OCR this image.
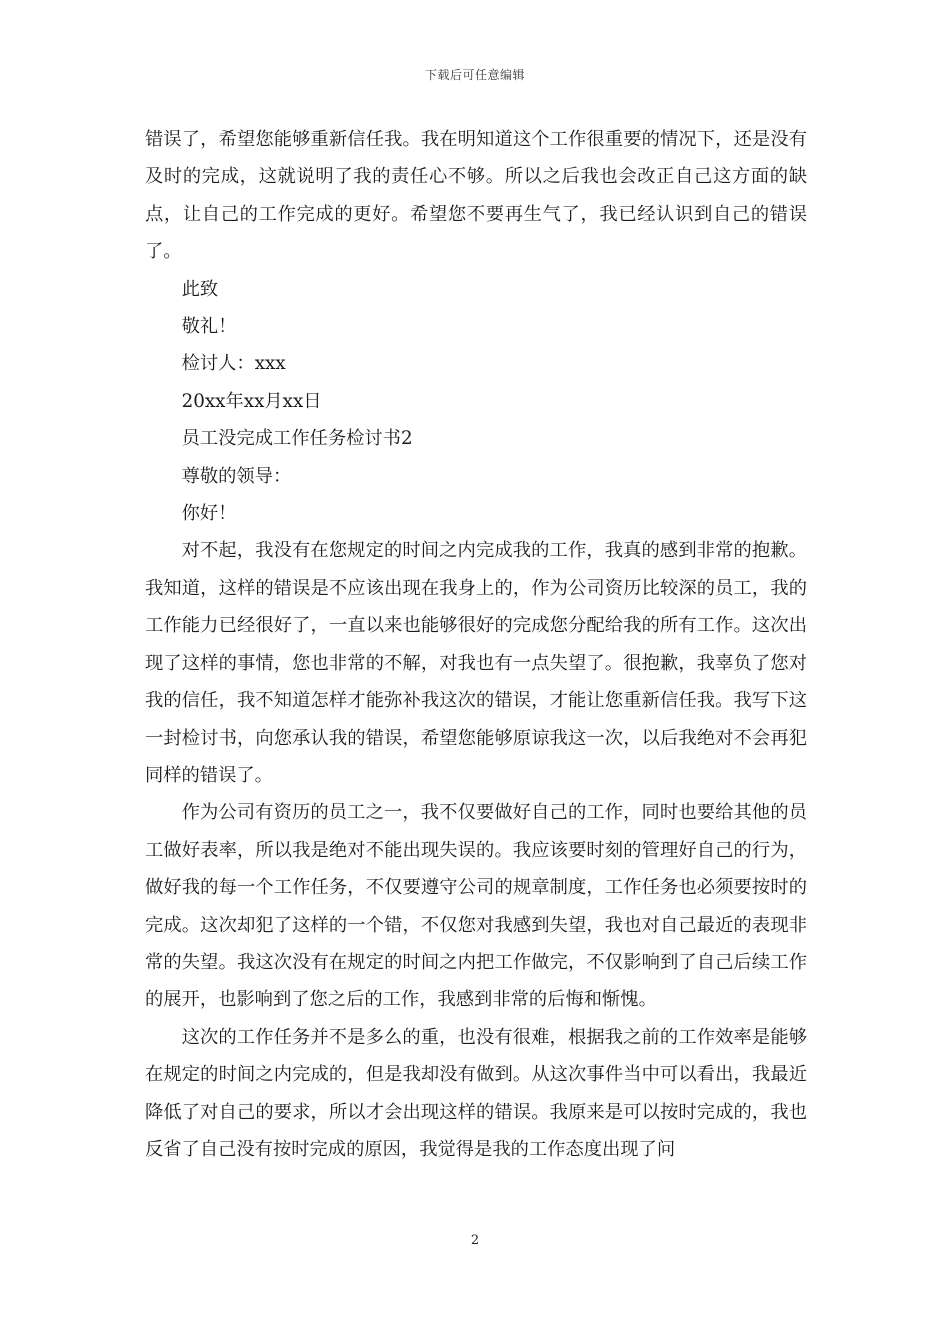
下载后可任意编辑

错误了，希望您能够重新信任我。我在明知道这个工作很重要的情况下，还是没有及时的完成，这就说明了我的责任心不够。所以之后我也会改正自己这方面的缺点，让自己的工作完成的更好。希望您不要再生气了，我已经认识到自己的错误了。

此致

敬礼！

检讨人：xxx

20xx年xx月xx日

员工没完成工作任务检讨书2

尊敬的领导：

你好！

对不起，我没有在您规定的时间之内完成我的工作，我真的感到非常的抱歉。我知道，这样的错误是不应该出现在我身上的，作为公司资历比较深的员工，我的工作能力已经很好了，一直以来也能够很好的完成您分配给我的所有工作。这次出现了这样的事情，您也非常的不解，对我也有一点失望了。很抱歉，我辜负了您对我的信任，我不知道怎样才能弥补我这次的错误，才能让您重新信任我。我写下这一封检讨书，向您承认我的错误，希望您能够原谅我这一次，以后我绝对不会再犯同样的错误了。

作为公司有资历的员工之一，我不仅要做好自己的工作，同时也要给其他的员工做好表率，所以我是绝对不能出现失误的。我应该要时刻的管理好自己的行为，做好我的每一个工作任务，不仅要遵守公司的规章制度，工作任务也必须要按时的完成。这次却犯了这样的一个错，不仅您对我感到失望，我也对自己最近的表现非常的失望。我这次没有在规定的时间之内把工作做完，不仅影响到了自己后续工作的展开，也影响到了您之后的工作，我感到非常的后悔和惭愧。

这次的工作任务并不是多么的重，也没有很难，根据我之前的工作效率是能够在规定的时间之内完成的，但是我却没有做到。从这次事件当中可以看出，我最近降低了对自己的要求，所以才会出现这样的错误。我原来是可以按时完成的，我也反省了自己没有按时完成的原因，我觉得是我的工作态度出现了问

2
